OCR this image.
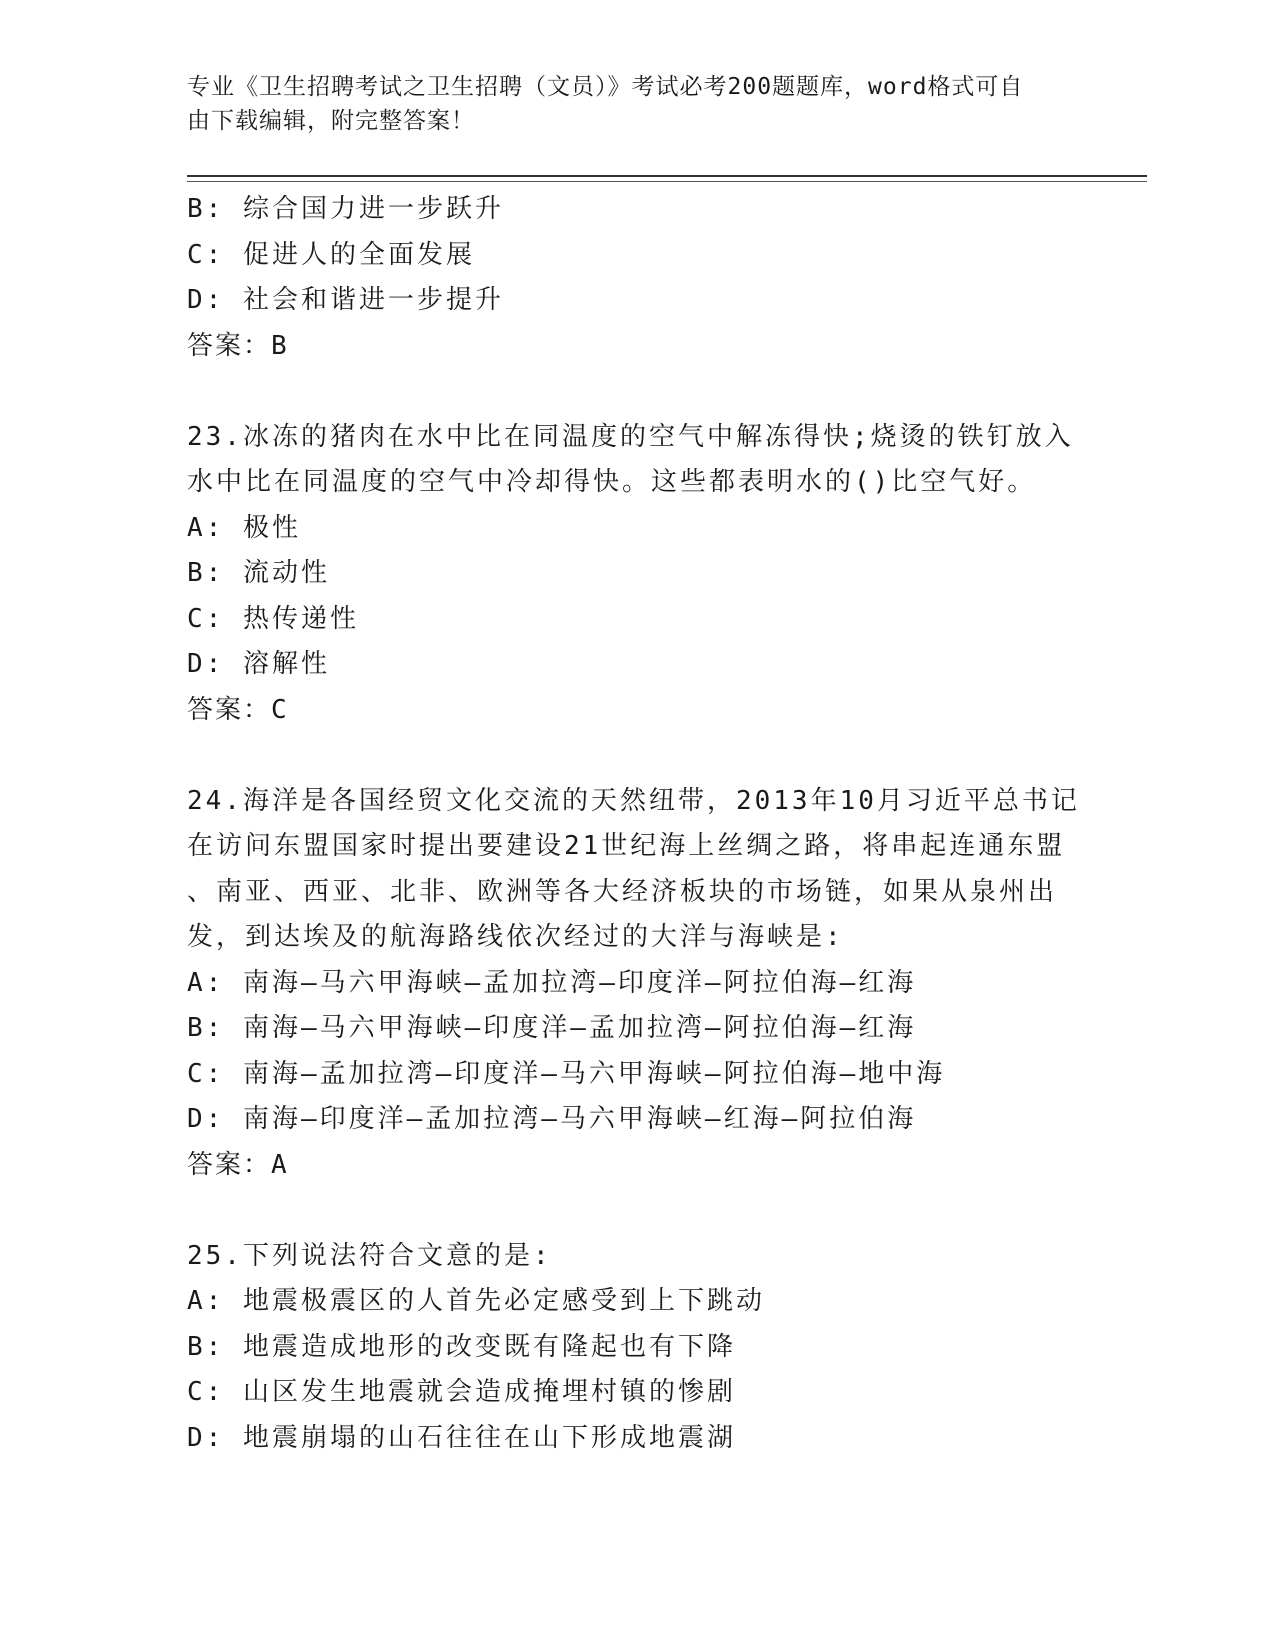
专业《卫生招聘考试之卫生招聘（文员）》考试必考200题题库，word格式可自
由下载编辑，附完整答案！
B: 综合国力进一步跃升
C: 促进人的全面发展
D: 社会和谐进一步提升
答案：B
23.冰冻的猪肉在水中比在同温度的空气中解冻得快;烧烫的铁钉放入
水中比在同温度的空气中冷却得快。这些都表明水的()比空气好。
A: 极性
B: 流动性
C: 热传递性
D: 溶解性
答案：C
24.海洋是各国经贸文化交流的天然纽带，2013年10月习近平总书记
在访问东盟国家时提出要建设21世纪海上丝绸之路，将串起连通东盟
、南亚、西亚、北非、欧洲等各大经济板块的市场链，如果从泉州出
发，到达埃及的航海路线依次经过的大洋与海峡是:
A: 南海—马六甲海峡—孟加拉湾—印度洋—阿拉伯海—红海
B: 南海—马六甲海峡—印度洋—孟加拉湾—阿拉伯海—红海
C: 南海—孟加拉湾—印度洋—马六甲海峡—阿拉伯海—地中海
D: 南海—印度洋—孟加拉湾—马六甲海峡—红海—阿拉伯海
答案：A
25.下列说法符合文意的是:
A: 地震极震区的人首先必定感受到上下跳动
B: 地震造成地形的改变既有隆起也有下降
C: 山区发生地震就会造成掩埋村镇的惨剧
D: 地震崩塌的山石往往在山下形成地震湖
